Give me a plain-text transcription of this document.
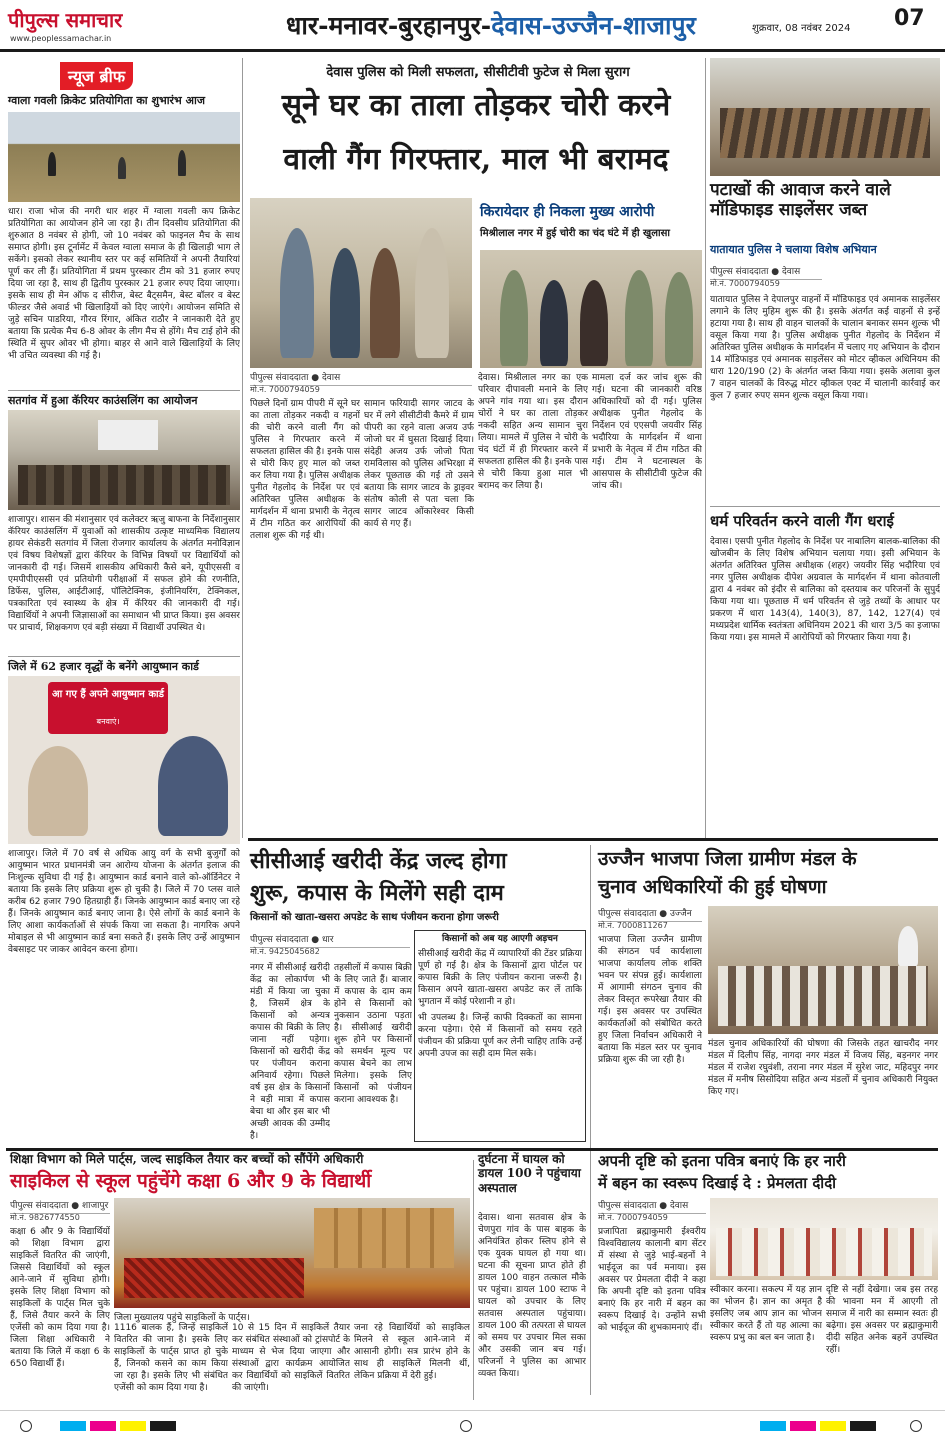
पीपुल्स समाचार
www.peoplessamachar.in	धार-मनावर-बुरहानपुर-देवास-उज्जैन-शाजापुर	शुक्रवार, 08 नवंबर 2024 07
न्यूज ब्रीफ
ग्वाला गवली क्रिकेट प्रतियोगिता का शुभारंभ आज
धार। राजा भोज की नगरी धार शहर में ग्वाला गवली कप क्रिकेट प्रतियोगिता का आयोजन होने जा रहा है। तीन दिवसीय प्रतियोगिता की शुरुआत 8 नवंबर से होगी, जो 10 नवंबर को फाइनल मैच के साथ समाप्त होगी। इस टूर्नामेंट में केवल ग्वाला समाज के ही खिलाड़ी भाग ले सकेंगे। इसको लेकर स्थानीय स्तर पर कई समितियों ने अपनी तैयारियां पूर्ण कर ली हैं। प्रतियोगिता में प्रथम पुरस्कार टीम को 31 हजार रुपए दिया जा रहा है, साथ ही द्वितीय पुरस्कार 21 हजार रुपए दिया जाएगा। इसके साथ ही मेन ऑफ द सीरीज, बेस्ट बैट्समैन, बेस्ट बॉलर व बेस्ट फील्डर जैसे अवार्ड भी खिलाड़ियों को दिए जाएंगे। आयोजन समिति से जुड़े सचिन पाडरिया, गौरव रिंगार, अंकित राठौर ने जानकारी देते हुए बताया कि प्रत्येक मैच 6-8 ओवर के लीग मैच से होंगे। मैच टाई होने की स्थिति में सुपर ओवर भी होगा। बाहर से आने वाले खिलाड़ियों के लिए भी उचित व्यवस्था की गई है।
सतगांव में हुआ कॅरियर काउंसलिंग का आयोजन
शाजापुर। शासन की मंशानुसार एवं कलेक्टर ऋजु बाफना के निर्देशानुसार कॅरियर काउंसलिंग में युवाओं को शासकीय उत्कृष्ट माध्यमिक विद्यालय हायर सेकंडरी सतगांव में जिला रोजगार कार्यालय के अंतर्गत मनोविज्ञान एवं विषय विशेषज्ञों द्वारा कॅरियर के विभिन्न विषयों पर विद्यार्थियों को जानकारी दी गई। जिसमें शासकीय अधिकारी कैसे बने, यूपीएससी व एमपीपीएससी एवं प्रतियोगी परीक्षाओं में सफल होने की रणनीति, डिफेंस, पुलिस, आईटीआई, पॉलिटेक्निक, इंजीनियरिंग, टेक्निकल, पत्रकारिता एवं स्वास्थ्य के क्षेत्र में कॅरियर की जानकारी दी गई। विद्यार्थियों ने अपनी जिज्ञासाओं का समाधान भी प्राप्त किया। इस अवसर पर प्राचार्य, शिक्षकगण एवं बड़ी संख्या में विद्यार्थी उपस्थित थे।
जिले में 62 हजार वृद्धों के बनेंगे आयुष्मान कार्ड
आ गए हैं अपने आयुष्मान कार्ड
बनवाएं।
शाजापुर। जिले में 70 वर्ष से अधिक आयु वर्ग के सभी बुजुर्गों को आयुष्मान भारत प्रधानमंत्री जन आरोग्य योजना के अंतर्गत इलाज की निःशुल्क सुविधा दी गई है। आयुष्मान कार्ड बनाने वाले को-ऑर्डिनेटर ने बताया कि इसके लिए प्रक्रिया शुरू हो चुकी है। जिले में 70 प्लस वाले करीब 62 हजार 790 हितग्राही हैं। जिनके आयुष्मान कार्ड बनाए जा रहे हैं। जिनके आयुष्मान कार्ड बनाए जाना है। ऐसे लोगों के कार्ड बनाने के लिए आशा कार्यकर्ताओं से संपर्क किया जा सकता है। नागरिक अपने मोबाइल से भी आयुष्मान कार्ड बना सकते हैं। इसके लिए उन्हें आयुष्मान वेबसाइट पर जाकर आवेदन करना होगा।
देवास पुलिस को मिली सफलता, सीसीटीवी फुटेज से मिला सुराग
सूने घर का ताला तोड़कर चोरी करने
वाली गैंग गिरफ्तार, माल भी बरामद
पीपुल्स संवाददाता ● देवास
मो.नं. 7000794059
किरायेदार ही निकला मुख्य आरोपी
मिश्रीलाल नगर में हुई चोरी का चंद घंटे में ही खुलासा
पिछले दिनों ग्राम पीपरी में सूने घर का ताला तोड़कर नकदी व गहनों की चोरी करने वाली गैंग को पुलिस ने गिरफ्तार करने में सफलता हासिल की है। इनके पास से चोरी किए हुए माल को जब्त कर लिया गया है। पुलिस अधीक्षक पुनीत गेहलोद के निर्देश पर एवं अतिरिक्त पुलिस अधीक्षक के मार्गदर्शन में थाना प्रभारी के नेतृत्व में टीम गठित कर आरोपियों की तलाश शुरू की गई थी।
सामान फरियादी सागर जाटव के घर में लगे सीसीटीवी कैमरे में ग्राम पीपरी का रहने वाला अजय उर्फ जोजो घर में घुसता दिखाई दिया। संदेही अजय उर्फ जोजो पिता रामविलास को पुलिस अभिरक्षा में लेकर पूछताछ की गई तो उसने बताया कि सागर जाटव के ड्राइवर संतोष कोली से पता चला कि सागर जाटव ओंकारेश्वर किसी कार्य से गए हैं।
देवास। मिश्रीलाल नगर का एक परिवार दीपावली मनाने के लिए अपने गांव गया था। इस दौरान चोरों ने घर का ताला तोड़कर नकदी सहित अन्य सामान चुरा लिया। मामले में पुलिस ने चोरी के चंद घंटों में ही गिरफ्तार करने में सफलता हासिल की है। इनके पास से चोरी किया हुआ माल भी बरामद कर लिया है।
मामला दर्ज कर जांच शुरू की गई। घटना की जानकारी वरिष्ठ अधिकारियों को दी गई। पुलिस अधीक्षक पुनीत गेहलोद के निर्देशन एवं एएसपी जयवीर सिंह भदौरिया के मार्गदर्शन में थाना प्रभारी के नेतृत्व में टीम गठित की गई। टीम ने घटनास्थल के आसपास के सीसीटीवी फुटेज की जांच की।
पटाखों की आवाज करने वाले मॉडिफाइड साइलेंसर जब्त
यातायात पुलिस ने चलाया विशेष अभियान
पीपुल्स संवाददाता ● देवास
मो.नं. 7000794059
यातायात पुलिस ने देपालपुर वाहनों में मॉडिफाइड एवं अमानक साइलेंसर लगाने के लिए मुहिम शुरू की है। इसके अंतर्गत कई वाहनों से इन्हें हटाया गया है। साथ ही वाहन चालकों के चालान बनाकर समन शुल्क भी वसूल किया गया है। पुलिस अधीक्षक पुनीत गेहलोद के निर्देशन में अतिरिक्त पुलिस अधीक्षक के मार्गदर्शन में चलाए गए अभियान के दौरान 14 मॉडिफाइड एवं अमानक साइलेंसर को मोटर व्हीकल अधिनियम की धारा 120/190 (2) के अंतर्गत जब्त किया गया। इसके अलावा कुल 7 वाहन चालकों के विरुद्ध मोटर व्हीकल एक्ट में चालानी कार्रवाई कर कुल 7 हजार रुपए समन शुल्क वसूल किया गया।
धर्म परिवर्तन करने वाली गैंग धराई
देवास। एसपी पुनीत गेहलोद के निर्देश पर नाबालिग बालक-बालिका की खोजबीन के लिए विशेष अभियान चलाया गया। इसी अभियान के अंतर्गत अतिरिक्त पुलिस अधीक्षक (शहर) जयवीर सिंह भदौरिया एवं नगर पुलिस अधीक्षक दीपेश अग्रवाल के मार्गदर्शन में थाना कोतवाली द्वारा 4 नवंबर को इंदौर से बालिका को दस्तयाब कर परिजनों के सुपुर्द किया गया था। पूछताछ में धर्म परिवर्तन से जुड़े तथ्यों के आधार पर प्रकरण में धारा 143(4), 140(3), 87, 142, 127(4) एवं मध्यप्रदेश धार्मिक स्वतंत्रता अधिनियम 2021 की धारा 3/5 का इजाफा किया गया। इस मामले में आरोपियों को गिरफ्तार किया गया है।
सीसीआई खरीदी केंद्र जल्द होगा
शुरू, कपास के मिलेंगे सही दाम
किसानों को खाता-खसरा अपडेट के साथ पंजीयन कराना होगा जरूरी
पीपुल्स संवाददाता ● धार
मो.नं. 9425045682
किसानों को अब यह आएगी अड़चन
सीसीआई खरीदी केंद्र में व्यापारियों की टेंडर प्रक्रिया पूर्ण हो गई है। क्षेत्र के किसानों द्वारा पोर्टल पर कपास बिक्री के लिए पंजीयन कराना जरूरी है। किसान अपने खाता-खसरा अपडेट कर लें ताकि भुगतान में कोई परेशानी न हो।
नगर में सीसीआई खरीदी केंद्र का लोकार्पण भी मंडी में किया जा चुका है, जिसमें क्षेत्र के किसानों को अन्यत्र कपास की बिक्री के लिए जाना नहीं पड़ेगा। किसानों को खरीदी केंद्र पर पंजीयन कराना अनिवार्य रहेगा। पिछले वर्ष इस क्षेत्र के किसानों ने बड़ी मात्रा में कपास बेचा था और इस बार भी अच्छी आवक की उम्मीद है।
तहसीलों में कपास बिक्री के लिए जाते हैं। बाजार में कपास के दाम कम होने से किसानों को नुकसान उठाना पड़ता है। सीसीआई खरीदी शुरू होने पर किसानों को समर्थन मूल्य पर कपास बेचने का लाभ मिलेगा। इसके लिए किसानों को पंजीयन कराना आवश्यक है।
भी उपलब्ध है। जिन्हें काफी दिक्कतों का सामना करना पड़ेगा। ऐसे में किसानों को समय रहते पंजीयन की प्रक्रिया पूर्ण कर लेनी चाहिए ताकि उन्हें अपनी उपज का सही दाम मिल सके।
उज्जैन भाजपा जिला ग्रामीण मंडल के
चुनाव अधिकारियों की हुई घोषणा
पीपुल्स संवाददाता ● उज्जैन
मो.नं. 7000811267
भाजपा जिला उज्जैन ग्रामीण की संगठन पर्व कार्यशाला भाजपा कार्यालय लोक शक्ति भवन पर संपन्न हुई। कार्यशाला में आगामी संगठन चुनाव की लेकर विस्तृत रूपरेखा तैयार की गई। इस अवसर पर उपस्थित कार्यकर्ताओं को संबोधित करते हुए जिला निर्वाचन अधिकारी ने बताया कि मंडल स्तर पर चुनाव प्रक्रिया शुरू की जा रही है।
मंडल चुनाव अधिकारियों की घोषणा की जिसके तहत खाचरौद नगर मंडल में दिलीप सिंह, नागदा नगर मंडल में विजय सिंह, बड़नगर नगर मंडल में राजेश रघुवंशी, तराना नगर मंडल में सुरेश जाट, महिदपुर नगर मंडल में मनीष सिसोदिया सहित अन्य मंडलों में चुनाव अधिकारी नियुक्त किए गए।
शिक्षा विभाग को मिले पार्ट्स, जल्द साइकिल तैयार कर बच्चों को सौंपेंगे अधिकारी
साइकिल से स्कूल पहुंचेंगे कक्षा 6 और 9 के विद्यार्थी
पीपुल्स संवाददाता ● शाजापुर
मो.नं. 9826774550
कक्षा 6 और 9 के विद्यार्थियों को शिक्षा विभाग द्वारा साइकिलें वितरित की जाएंगी, जिससे विद्यार्थियों को स्कूल आने-जाने में सुविधा होगी। इसके लिए शिक्षा विभाग को साइकिलों के पार्ट्स मिल चुके हैं, जिसे तैयार करने के लिए एजेंसी को काम दिया गया है। जिला शिक्षा अधिकारी ने बताया कि जिले में कक्षा 6 के 650 विद्यार्थी हैं।
जिला मुख्यालय पहुंचे साइकिलों के पार्ट्स।
1116 बालक हैं, जिन्हें साइकिलें वितरित की जाना है। इसके लिए साइकिलों के पार्ट्स प्राप्त हो चुके हैं, जिनको कसने का काम किया जा रहा है। इसके लिए भी संबंधित एजेंसी को काम दिया गया है।
10 से 15 दिन में साइकिलें तैयार कर संबंधित संस्थाओं को ट्रांसपोर्ट के माध्यम से भेज दिया जाएगा और संस्थाओं द्वारा कार्यक्रम आयोजित कर विद्यार्थियों को साइकिलें वितरित की जाएंगी।
जना रहे विद्यार्थियों को साइकिल मिलने से स्कूल आने-जाने में आसानी होगी। सत्र प्रारंभ होने के साथ ही साइकिलें मिलनी थीं, लेकिन प्रक्रिया में देरी हुई।
दुर्घटना में घायल को डायल 100 ने पहुंचाया अस्पताल
देवास। थाना सतवास क्षेत्र के चेणपुरा गांव के पास बाइक के अनियंत्रित होकर स्लिप होने से एक युवक घायल हो गया था। घटना की सूचना प्राप्त होते ही डायल 100 वाहन तत्काल मौके पर पहुंचा। डायल 100 स्टाफ ने घायल को उपचार के लिए सतवास अस्पताल पहुंचाया। डायल 100 की तत्परता से घायल को समय पर उपचार मिल सका और उसकी जान बच गई। परिजनों ने पुलिस का आभार व्यक्त किया।
अपनी दृष्टि को इतना पवित्र बनाएं कि हर नारी
में बहन का स्वरूप दिखाई दे : प्रेमलता दीदी
पीपुल्स संवाददाता ● देवास
मो.नं. 7000794059
प्रजापिता ब्रह्माकुमारी ईश्वरीय विश्वविद्यालय कालानी बाग सेंटर में संस्था से जुड़े भाई-बहनों ने भाईदूज का पर्व मनाया। इस अवसर पर प्रेमलता दीदी ने कहा कि अपनी दृष्टि को इतना पवित्र बनाएं कि हर नारी में बहन का स्वरूप दिखाई दे। उन्होंने सभी को भाईदूज की शुभकामनाएं दीं।
स्वीकार करना। सकल्प में यह ज्ञान का भोजन है। ज्ञान का अमृत है इसलिए जब आप ज्ञान का भोजन स्वीकार करते हैं तो यह आत्मा का स्वरूप प्रभु का बल बन जाता है।
दृष्टि से नहीं देखेगा। जब इस तरह की भावना मन में आएगी तो समाज में नारी का सम्मान स्वतः ही बढ़ेगा। इस अवसर पर ब्रह्माकुमारी दीदी सहित अनेक बहनें उपस्थित रहीं।
